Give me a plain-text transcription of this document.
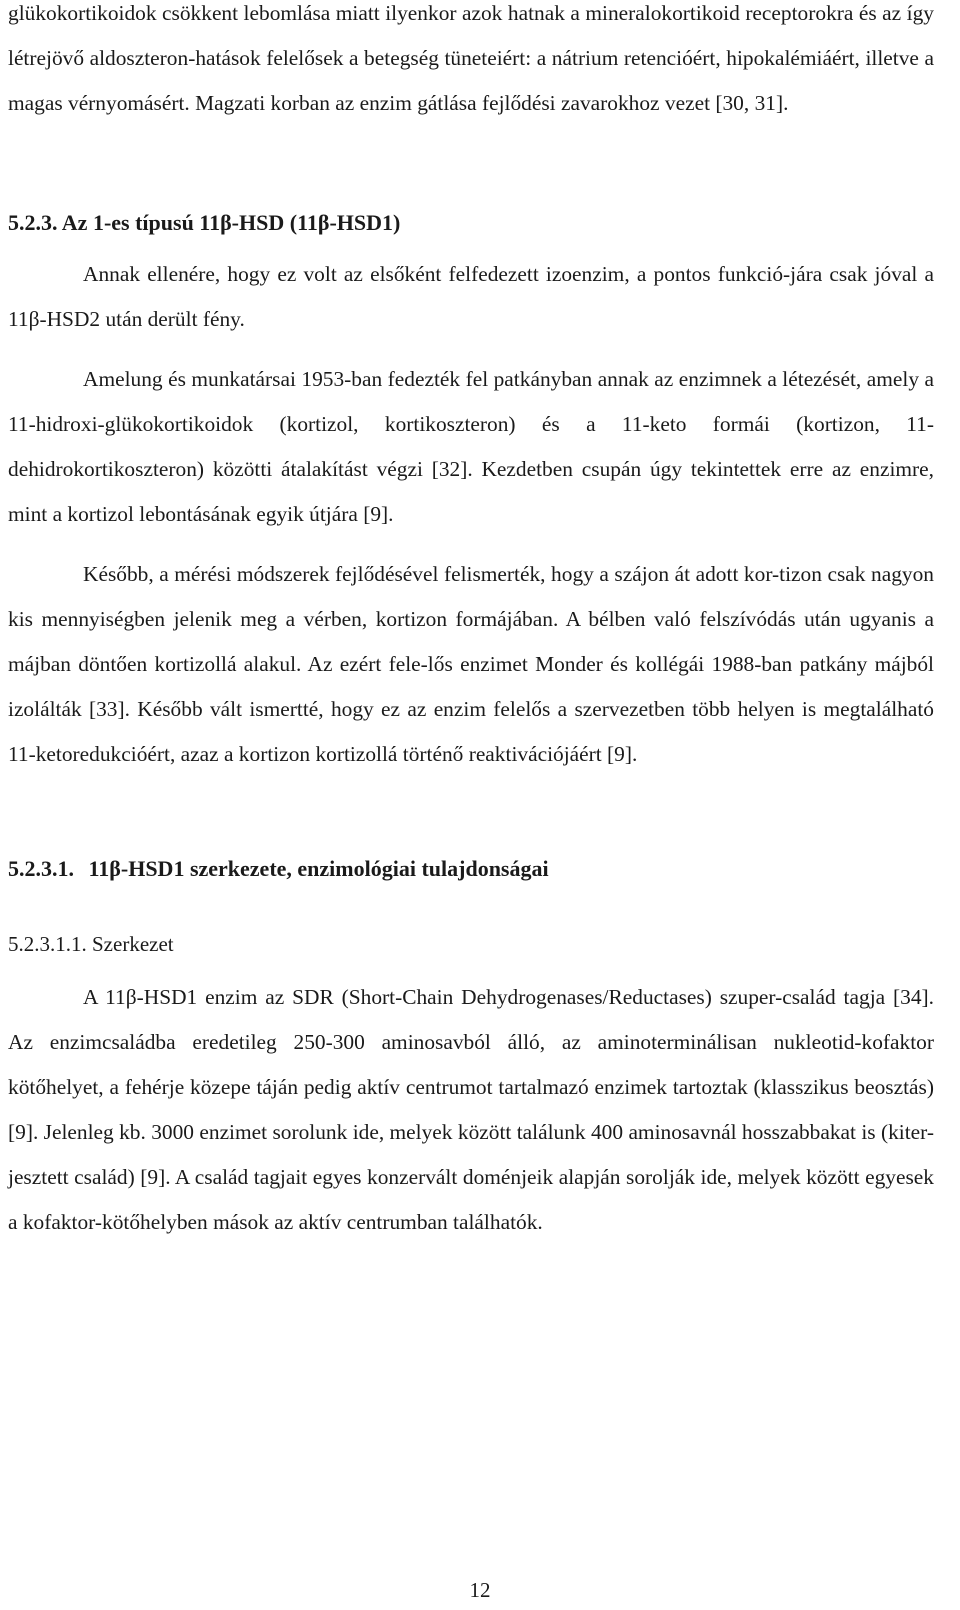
glükokortikoidok csökkent lebomlása miatt ilyenkor azok hatnak a mineralokortikoid receptorokra és az így létrejövő aldoszteron-hatások felelősek a betegség tüneteiért: a nátrium retencióért, hipokalémiáért, illetve a magas vérnyomásért. Magzati korban az enzim gátlása fejlődési zavarokhoz vezet [30, 31].

5.2.3. Az 1-es típusú 11β-HSD (11β-HSD1)

Annak ellenére, hogy ez volt az elsőként felfedezett izoenzim, a pontos funkció-jára csak jóval a 11β-HSD2 után derült fény.

Amelung és munkatársai 1953-ban fedezték fel patkányban annak az enzimnek a létezését, amely a 11-hidroxi-glükokortikoidok (kortizol, kortikoszteron) és a 11-keto formái (kortizon, 11-dehidrokortikoszteron) közötti átalakítást végzi [32]. Kezdetben csupán úgy tekintettek erre az enzimre, mint a kortizol lebontásának egyik útjára [9].

Később, a mérési módszerek fejlődésével felismerték, hogy a szájon át adott kor-tizon csak nagyon kis mennyiségben jelenik meg a vérben, kortizon formájában. A bélben való felszívódás után ugyanis a májban döntően kortizollá alakul. Az ezért fele-lős enzimet Monder és kollégái 1988-ban patkány májból izolálták [33]. Később vált ismertté, hogy ez az enzim felelős a szervezetben több helyen is megtalálható 11-ketoredukcióért, azaz a kortizon kortizollá történő reaktivációjáért [9].

5.2.3.1. 11β-HSD1 szerkezete, enzimológiai tulajdonságai
5.2.3.1.1. Szerkezet

A 11β-HSD1 enzim az SDR (Short-Chain Dehydrogenases/Reductases) szuper-család tagja [34]. Az enzimcsaládba eredetileg 250-300 aminosavból álló, az aminoterminálisan nukleotid-kofaktor kötőhelyet, a fehérje közepe táján pedig aktív centrumot tartalmazó enzimek tartoztak (klasszikus beosztás) [9]. Jelenleg kb. 3000 enzimet sorolunk ide, melyek között találunk 400 aminosavnál hosszabbakat is (kiter-jesztett család) [9]. A család tagjait egyes konzervált doménjeik alapján sorolják ide, melyek között egyesek a kofaktor-kötőhelyben mások az aktív centrumban találhatók.

12
